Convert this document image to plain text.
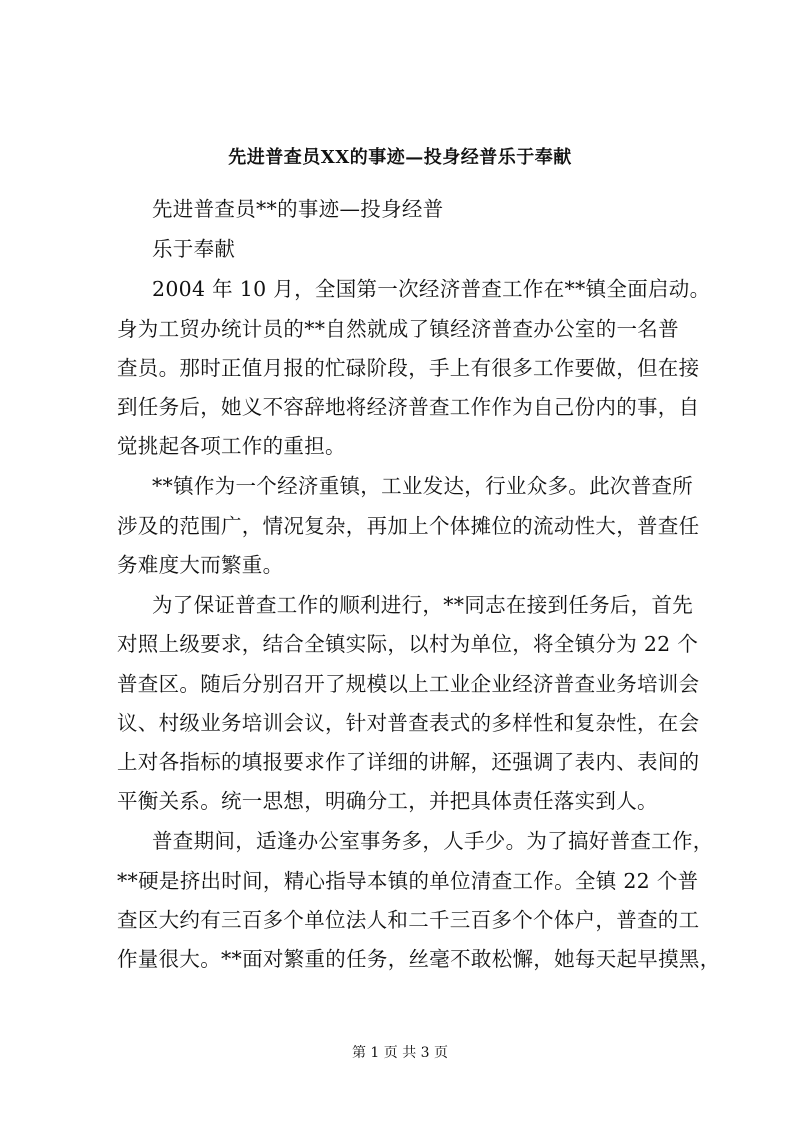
先进普查员XX的事迹—投身经普乐于奉献
先进普查员**的事迹—投身经普
乐于奉献
2004 年 10 月，全国第一次经济普查工作在**镇全面启动。
身为工贸办统计员的**自然就成了镇经济普查办公室的一名普
查员。那时正值月报的忙碌阶段，手上有很多工作要做，但在接
到任务后，她义不容辞地将经济普查工作作为自己份内的事，自
觉挑起各项工作的重担。
**镇作为一个经济重镇，工业发达，行业众多。此次普查所
涉及的范围广，情况复杂，再加上个体摊位的流动性大，普查任
务难度大而繁重。
为了保证普查工作的顺利进行，**同志在接到任务后，首先
对照上级要求，结合全镇实际，以村为单位，将全镇分为 22 个
普查区。随后分别召开了规模以上工业企业经济普查业务培训会
议、村级业务培训会议，针对普查表式的多样性和复杂性，在会
上对各指标的填报要求作了详细的讲解，还强调了表内、表间的
平衡关系。统一思想，明确分工，并把具体责任落实到人。
普查期间，适逢办公室事务多，人手少。为了搞好普查工作，
**硬是挤出时间，精心指导本镇的单位清查工作。全镇 22 个普
查区大约有三百多个单位法人和二千三百多个个体户，普查的工
作量很大。**面对繁重的任务，丝毫不敢松懈，她每天起早摸黑，
第 1 页 共 3 页
